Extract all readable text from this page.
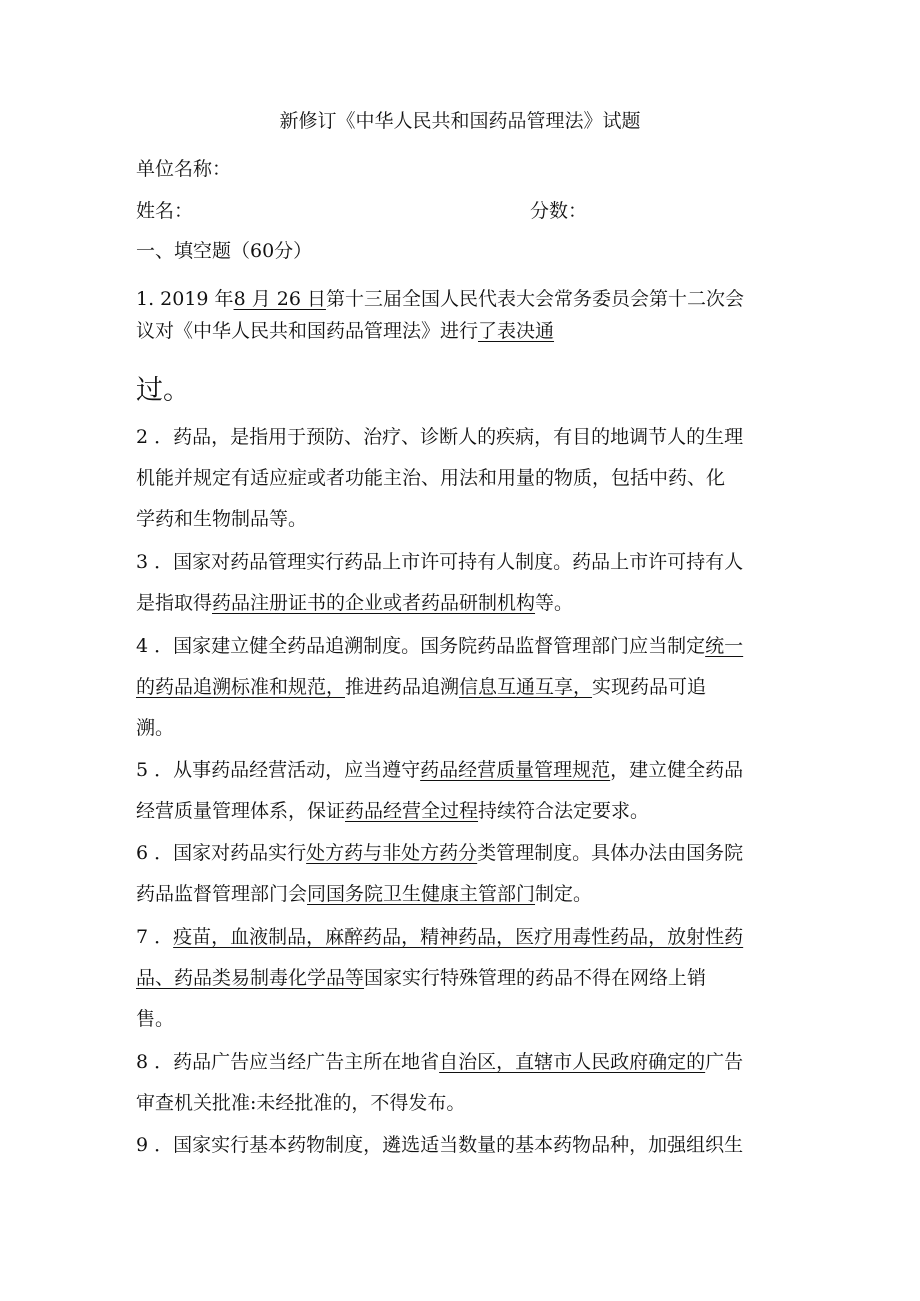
新修订《中华人民共和国药品管理法》试题
单位名称：
姓名：	分数：
一、填空题（60分）
1. 2019 年8 月 26 日第十三届全国人民代表大会常务委员会第十二次会
议对《中华人民共和国药品管理法》进行了表决通
过。
2 ．药品，是指用于预防、治疗、诊断人的疾病，有目的地调节人的生理
机能并规定有适应症或者功能主治、用法和用量的物质，包括中药、化
学药和生物制品等。
3 ．国家对药品管理实行药品上市许可持有人制度。药品上市许可持有人
是指取得药品注册证书的企业或者药品研制机构等。
4 ．国家建立健全药品追溯制度。国务院药品监督管理部门应当制定统一
的药品追溯标准和规范，推进药品追溯信息互通互享，实现药品可追
溯。
5 ．从事药品经营活动，应当遵守药品经营质量管理规范，建立健全药品
经营质量管理体系，保证药品经营全过程持续符合法定要求。
6 ．国家对药品实行处方药与非处方药分类管理制度。具体办法由国务院
药品监督管理部门会同国务院卫生健康主管部门制定。
7 ．疫苗，血液制品，麻醉药品，精神药品，医疗用毒性药品，放射性药
品、药品类易制毒化学品等国家实行特殊管理的药品不得在网络上销
售。
8 ．药品广告应当经广告主所在地省自治区，直辖市人民政府确定的广告
审查机关批准:未经批准的，不得发布。
9 ．国家实行基本药物制度，遴选适当数量的基本药物品种，加强组织生
